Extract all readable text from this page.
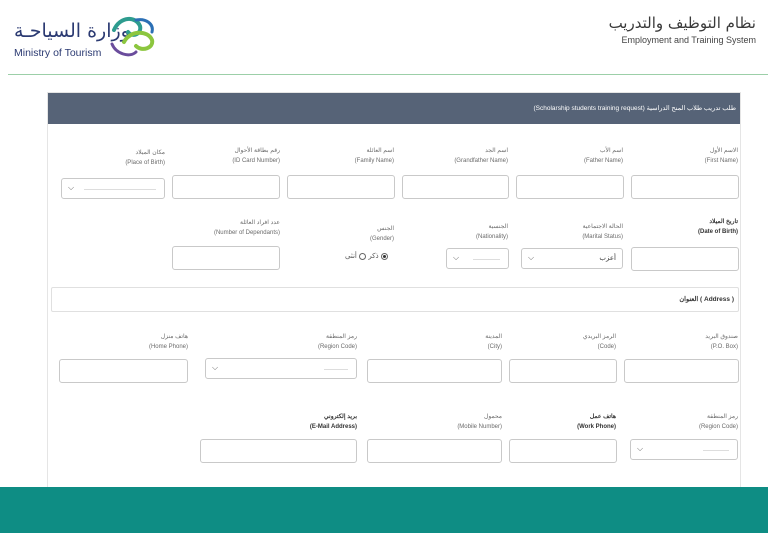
وزارة السياحـة
Ministry of Tourism
نظام التوظيف والتدريب
Employment and Training System
طلب تدريب طلاب المنح الدراسية (Scholarship students training request)
الاسم الأول
(First Name)
اسم الأب
(Father Name)
اسم الجد
(Grandfather Name)
اسم العائلة
(Family Name)
رقم بطاقة الأحوال
(ID Card Number)
مكان الميلاد
(Place of Birth)
⌵
تاريخ الميلاد
(Date of Birth)
الحالة الاجتماعية
(Marital Status)
الجنسية
(Nationality)
الجنس
(Gender)
عدد افراد العائلة
(Number of Dependants)
⌵	أعزب
⌵
ذكر  أنثى
العنوان ( Address )
صندوق البريد
(P.O. Box)
الرمز البريدي
(Code)
المدينة
(City)
رمز المنطقة
(Region Code)
هاتف منزل
(Home Phone)
⌵
رمز المنطقة
(Region Code)
هاتف عمل
(Work Phone)
محمول
(Mobile Number)
بريد إلكتروني
(E-Mail Address)
⌵
